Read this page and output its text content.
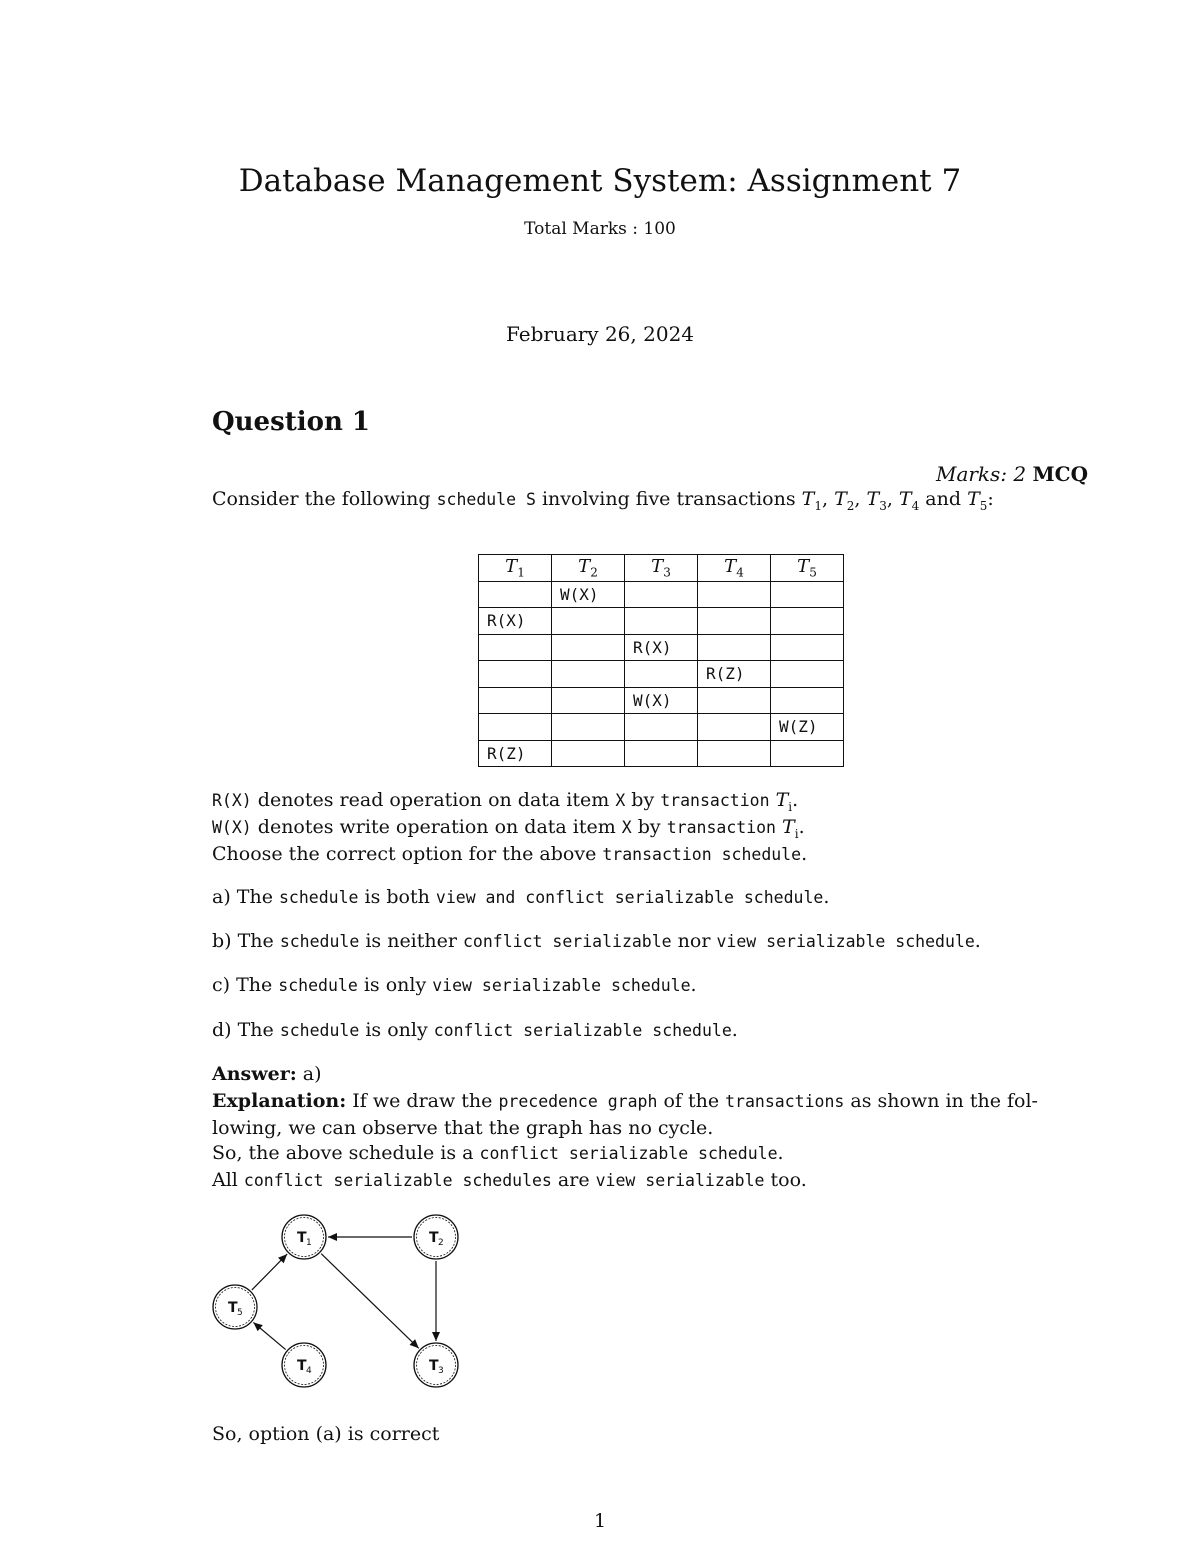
Database Management System: Assignment 7
Total Marks : 100
February 26, 2024
Question 1
Marks: 2 MCQ
Consider the following schedule S involving five transactions $T_1$, $T_2$, $T_3$, $T_4$ and $T_5$:
$T_1$	$T_2$	$T_3$	$T_4$	$T_5$
	W(X)			
R(X)				
		R(X)		
			R(Z)	
		W(X)		
				W(Z)
R(Z)				
R(X) denotes read operation on data item X by transaction $T_i$.
W(X) denotes write operation on data item X by transaction $T_i$.
Choose the correct option for the above transaction schedule.
a) The schedule is both view and conflict serializable schedule.
b) The schedule is neither conflict serializable nor view serializable schedule.
c) The schedule is only view serializable schedule.
d) The schedule is only conflict serializable schedule.
Answer: a)
Explanation: If we draw the precedence graph of the transactions as shown in the fol-
lowing, we can observe that the graph has no cycle.
So, the above schedule is a conflict serializable schedule.
All conflict serializable schedules are view serializable too.
T 1	T 2
T 3
T 4
T 5
So, option (a) is correct
1
